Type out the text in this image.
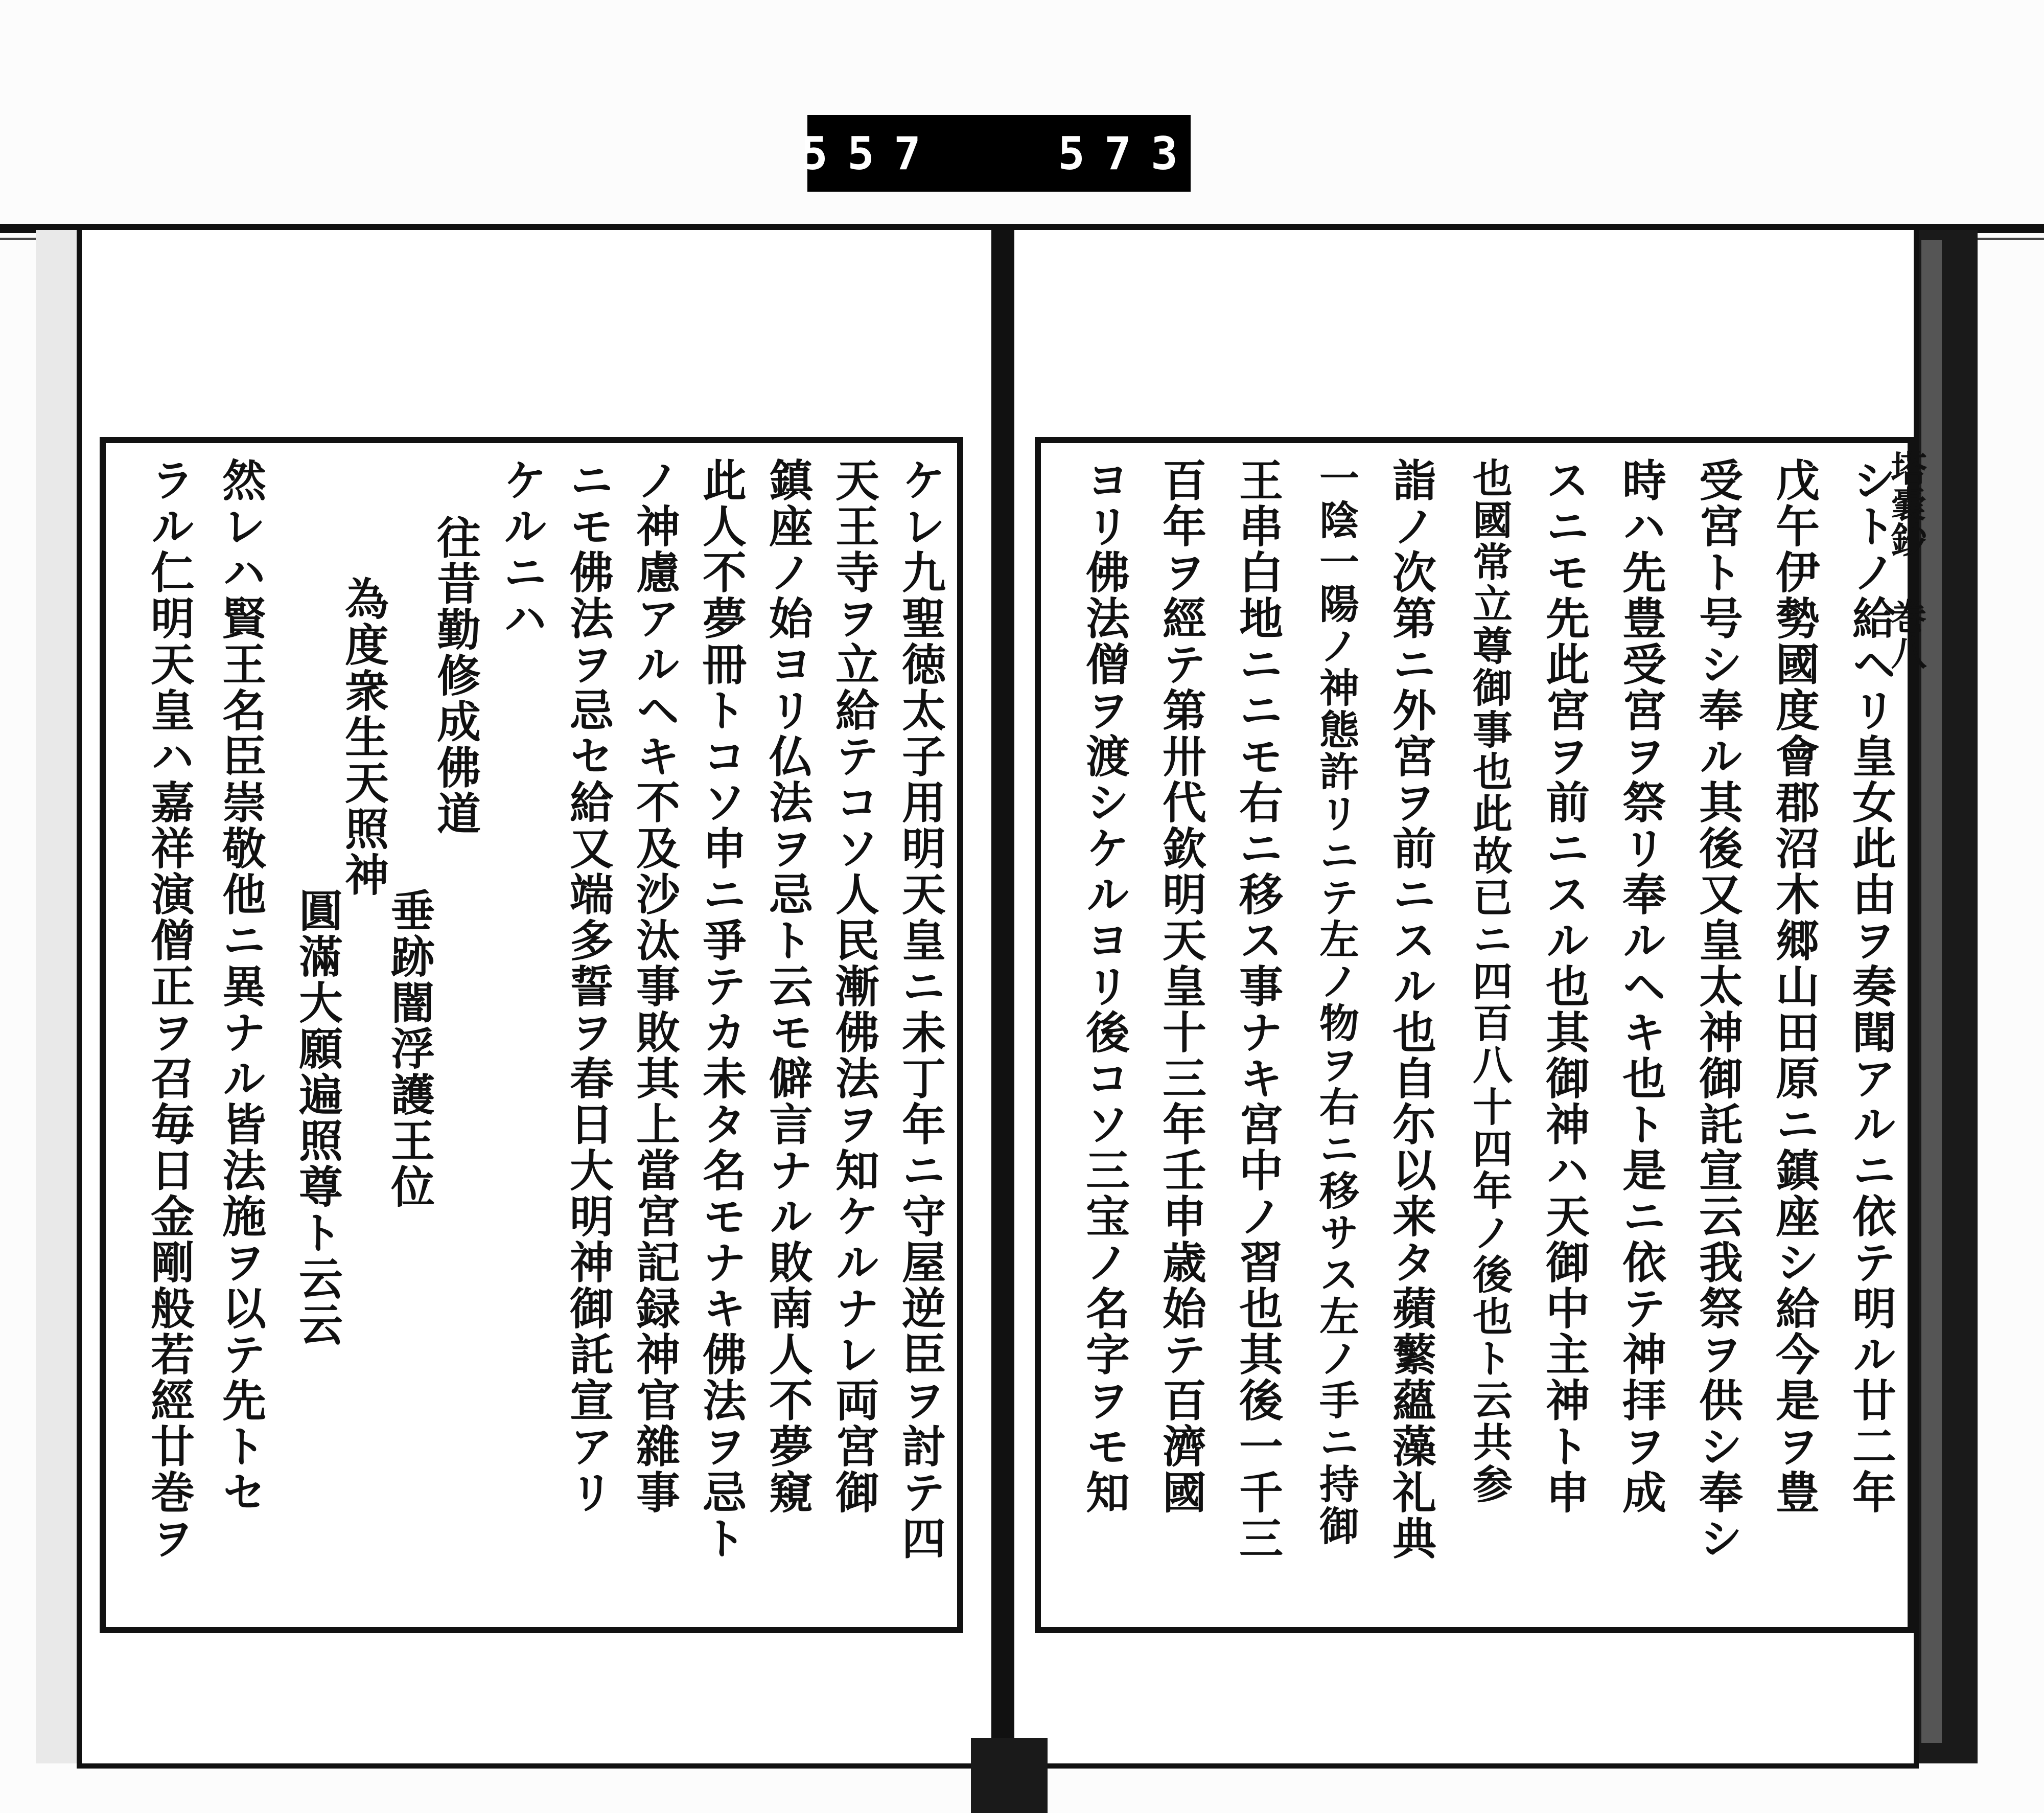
557	573
シトノ給ヘリ皇女此由ヲ奏聞アルニ依テ明ル廿二年
戊午伊勢國度會郡沼木郷山田原ニ鎮座シ給今是ヲ豊
受宮ト号シ奉ル其後又皇太神御託宣云我祭ヲ供シ奉シ
時ハ先豊受宮ヲ祭リ奉ルヘキ也ト是ニ依テ神拝ヲ成
スニモ先此宮ヲ前ニスル也其御神ハ天御中主神ト申
也國常立尊御事也此故已ニ四百八十四年ノ後也ト云共参
詣ノ次第ニ外宮ヲ前ニスル也自尓以来タ蘋蘩蘊藻礼典
一陰一陽ノ神態許リニテ左ノ物ヲ右ニ移サス左ノ手ニ持御
王串白地ニニモ右ニ移ス事ナキ宮中ノ習也其後一千三
百年ヲ經テ第卅代欽明天皇十三年壬申歳始テ百濟國
ヨリ佛法僧ヲ渡シケルヨリ後コソ三宝ノ名字ヲモ知	塔嚢鈔
巻八
ケレ九聖徳太子用明天皇ニ未丁年ニ守屋逆臣ヲ討テ四
天王寺ヲ立給テコソ人民漸佛法ヲ知ケルナレ両宮御
鎮座ノ始ヨリ仏法ヲ忌ト云モ僻言ナル敗南人不夢窺
此人不夢冊トコソ申ニ爭テカ未タ名モナキ佛法ヲ忌ト
ノ神慮アルヘキ不及沙汰事敗其上當宮記録神官雜事
ニモ佛法ヲ忌セ給又端多誓ヲ春日大明神御託宣アリ
ケルニハ
往昔勤修成佛道
垂跡闇浮護王位
為度衆生天照神
圓滿大願遍照尊ト云云
然レハ賢王名臣崇敬他ニ異ナル皆法施ヲ以テ先トセ
ラル仁明天皇ハ嘉祥演僧正ヲ召毎日金剛般若經廿巻ヲ
